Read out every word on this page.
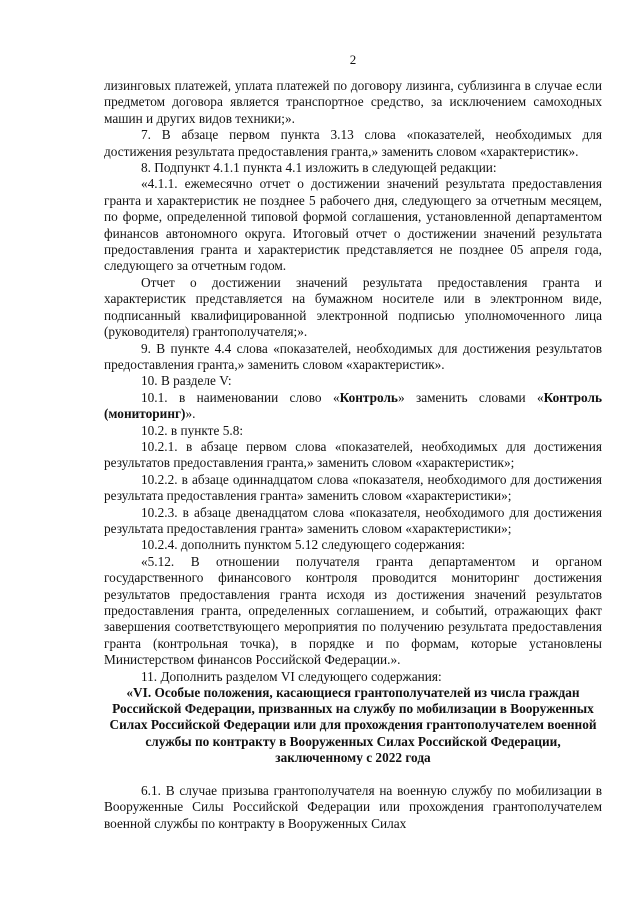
2

лизинговых платежей, уплата платежей по договору лизинга, сублизинга в случае если предметом договора является транспортное средство, за исключением самоходных машин и других видов техники;».

7. В абзаце первом пункта 3.13 слова «показателей, необходимых для достижения результата предоставления гранта,» заменить словом «характеристик».

8. Подпункт 4.1.1 пункта 4.1 изложить в следующей редакции:

«4.1.1. ежемесячно отчет о достижении значений результата предоставления гранта и характеристик не позднее 5 рабочего дня, следующего за отчетным месяцем, по форме, определенной типовой формой соглашения, установленной департаментом финансов автономного округа. Итоговый отчет о достижении значений результата предоставления гранта и характеристик представляется не позднее 05 апреля года, следующего за отчетным годом.

Отчет о достижении значений результата предоставления гранта и характеристик представляется на бумажном носителе или в электронном виде, подписанный квалифицированной электронной подписью уполномоченного лица (руководителя) грантополучателя;».

9. В пункте 4.4 слова «показателей, необходимых для достижения результатов предоставления гранта,» заменить словом «характеристик».

10. В разделе V:

10.1. в наименовании слово «Контроль» заменить словами «Контроль (мониторинг)».

10.2. в пункте 5.8:

10.2.1. в абзаце первом слова «показателей, необходимых для достижения результатов предоставления гранта,» заменить словом «характеристик»;

10.2.2. в абзаце одиннадцатом слова «показателя, необходимого для достижения результата предоставления гранта» заменить словом «характеристики»;

10.2.3. в абзаце двенадцатом слова «показателя, необходимого для достижения результата предоставления гранта» заменить словом «характеристики»;

10.2.4. дополнить пунктом 5.12 следующего содержания:

«5.12. В отношении получателя гранта департаментом и органом государственного финансового контроля проводится мониторинг достижения результатов предоставления гранта исходя из достижения значений результатов предоставления гранта, определенных соглашением, и событий, отражающих факт завершения соответствующего мероприятия по получению результата предоставления гранта (контрольная точка), в порядке и по формам, которые установлены Министерством финансов Российской Федерации.».

11. Дополнить разделом VI следующего содержания:

«VI. Особые положения, касающиеся грантополучателей из числа граждан Российской Федерации, призванных на службу по мобилизации в Вооруженных Силах Российской Федерации или для прохождения грантополучателем военной службы по контракту в Вооруженных Силах Российской Федерации, заключенному с 2022 года

6.1. В случае призыва грантополучателя на военную службу по мобилизации в Вооруженные Силы Российской Федерации или прохождения грантополучателем военной службы по контракту в Вооруженных Силах
